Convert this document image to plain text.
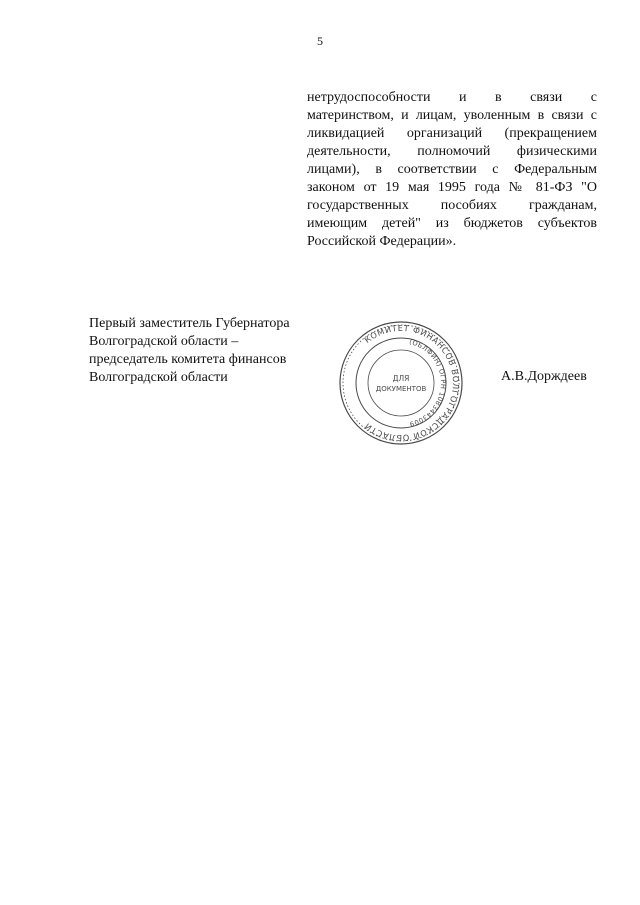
5
нетрудоспособности и в связи с
материнством, и лицам, уволенным в связи с
ликвидацией организаций (прекращением
деятельности, полномочий физическими
лицами), в соответствии с Федеральным
законом от 19 мая 1995 года № 81-ФЗ "О
государственных пособиях гражданам,
имеющим детей" из бюджетов субъектов
Российской Федерации».
Первый заместитель Губернатора
Волгоградской области –
председатель комитета финансов
Волгоградской области	А.В.Дорждеев
КОМИТЕТ ФИНАНСОВ ВОЛГОГРАДСКОЙ ОБЛАСТИ
(ОБЛФИН) ОГРН 1083443009
ДЛЯ
ДОКУМЕНТОВ
